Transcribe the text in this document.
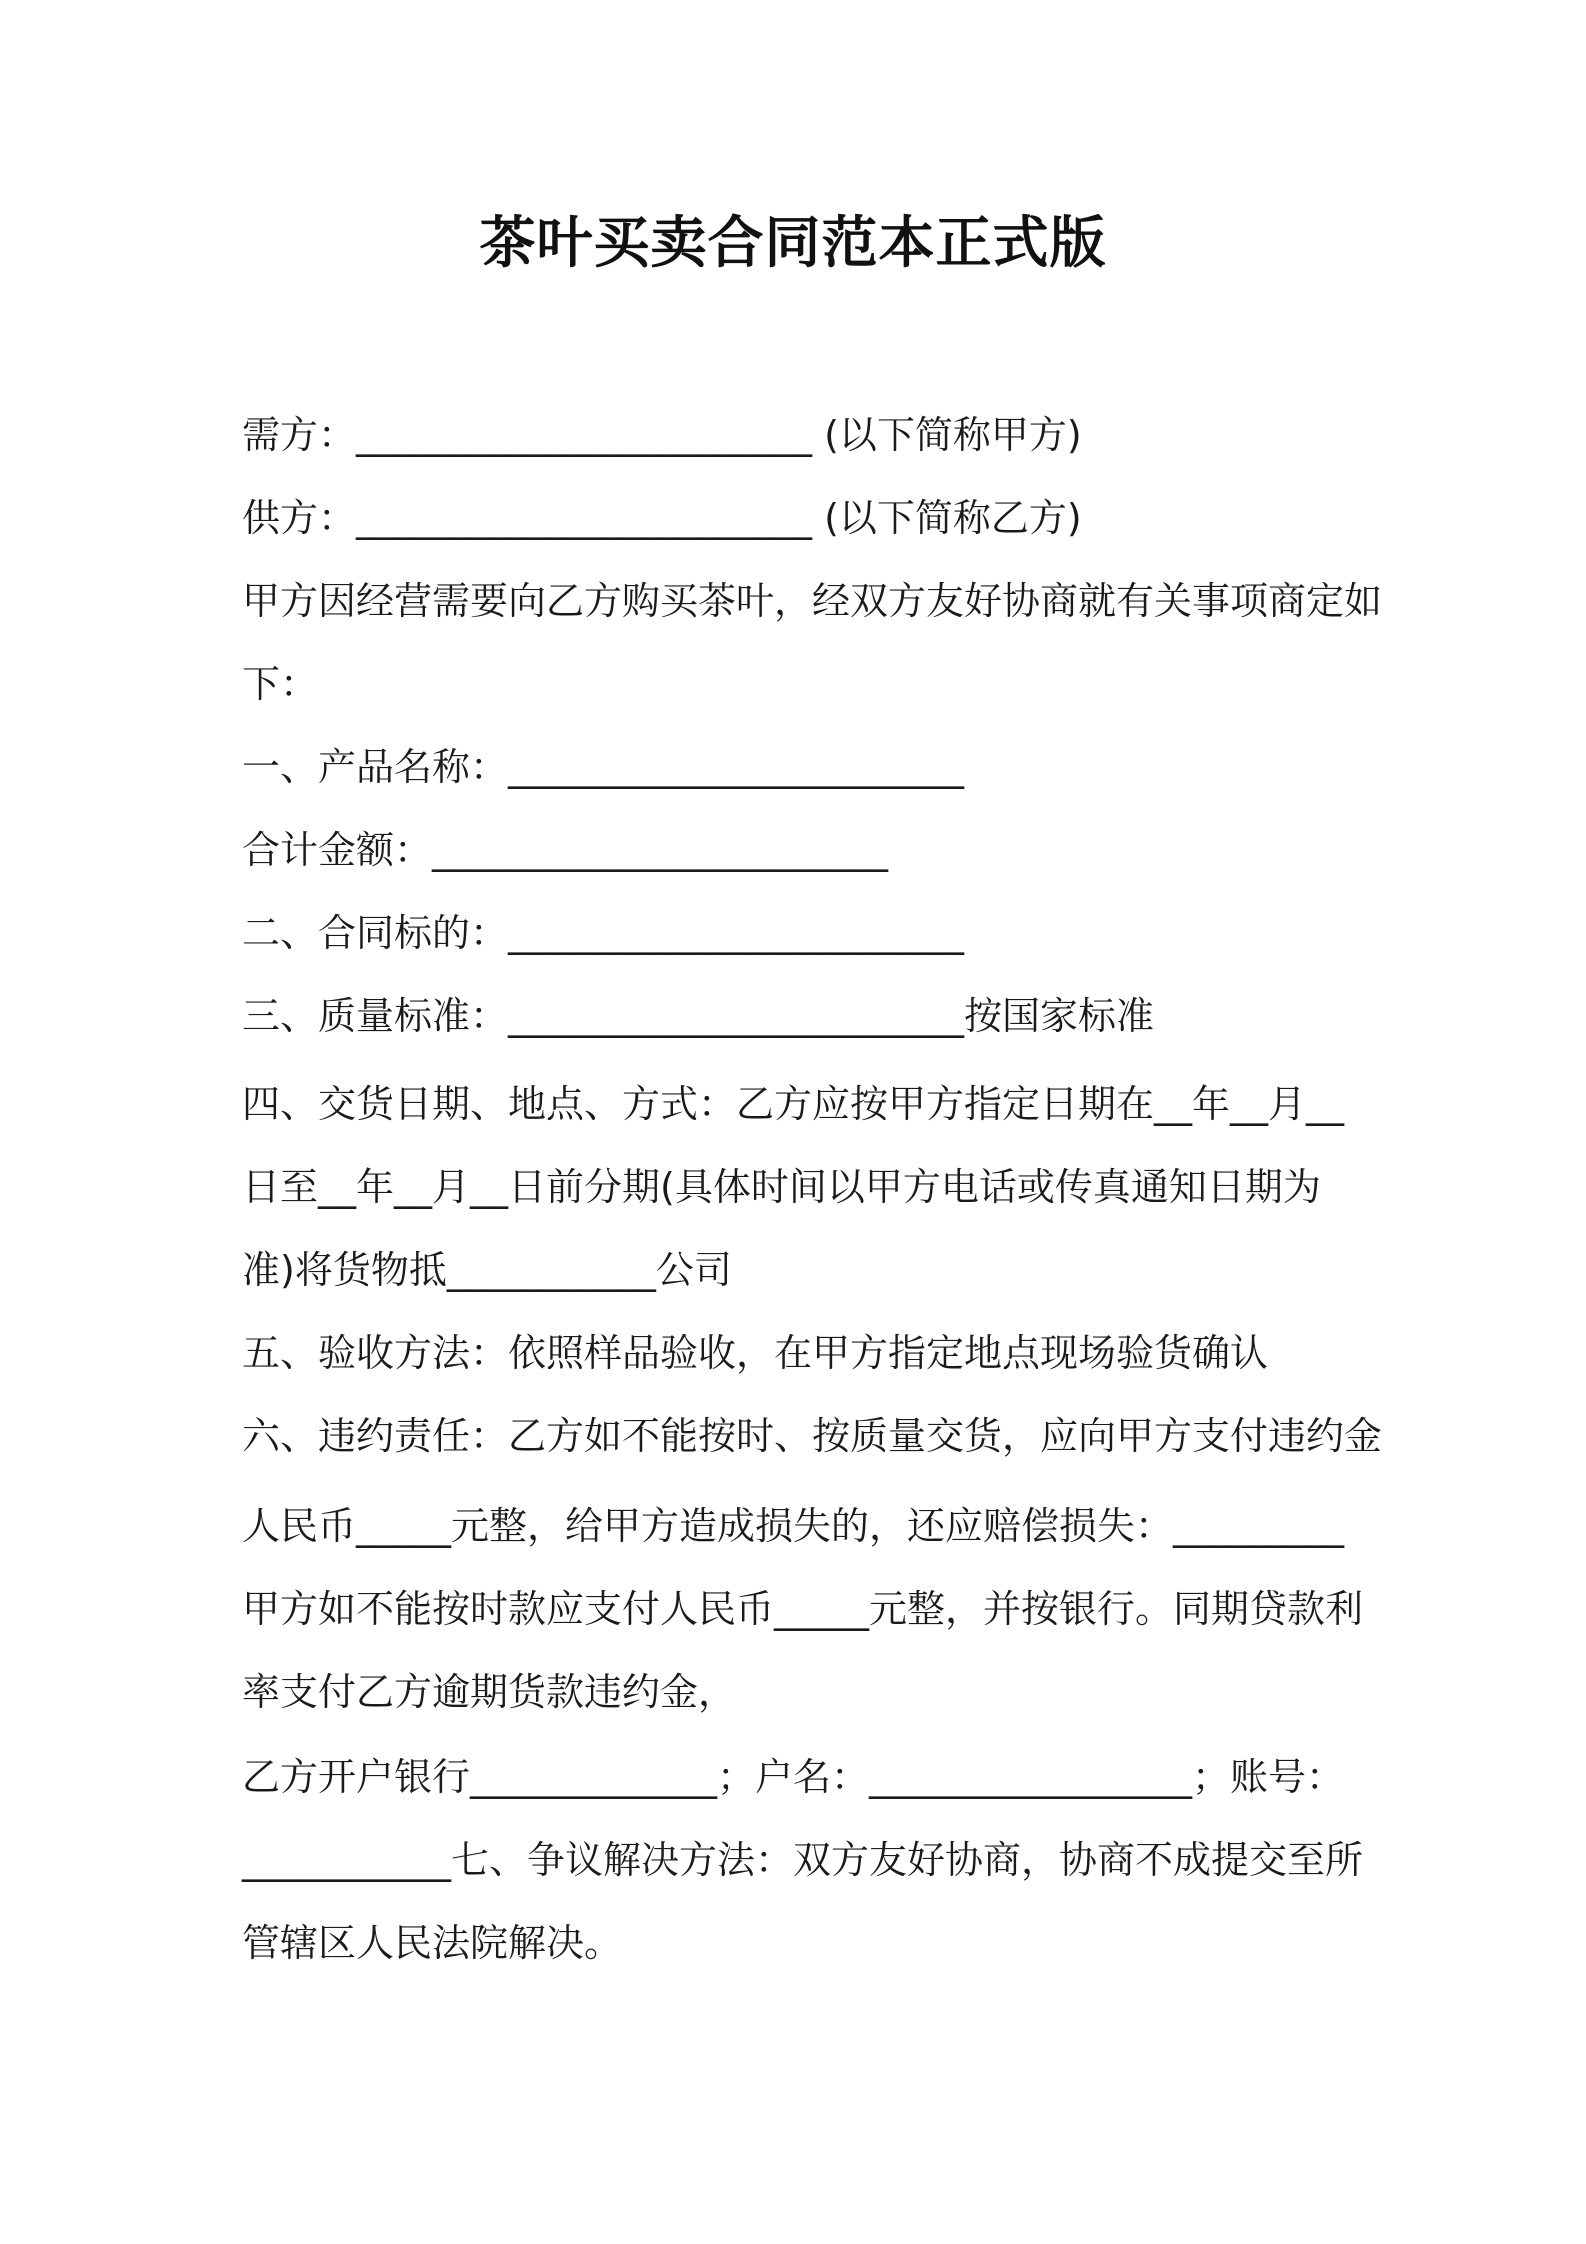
茶叶买卖合同范本正式版
需方：________________________ (以下简称甲方)
供方：________________________ (以下简称乙方)
甲方因经营需要向乙方购买茶叶，经双方友好协商就有关事项商定如
下：
一、产品名称：________________________
合计金额：________________________
二、合同标的：________________________
三、质量标准：________________________按国家标准
四、交货日期、地点、方式：乙方应按甲方指定日期在__年__月__
日至__年__月__日前分期(具体时间以甲方电话或传真通知日期为
准)将货物抵___________公司
五、验收方法：依照样品验收，在甲方指定地点现场验货确认
六、违约责任：乙方如不能按时、按质量交货，应向甲方支付违约金
人民币_____元整，给甲方造成损失的，还应赔偿损失：_________
甲方如不能按时款应支付人民币_____元整，并按银行。同期贷款利
率支付乙方逾期货款违约金，
乙方开户银行_____________；户名：_________________；账号：
___________七、争议解决方法：双方友好协商，协商不成提交至所
管辖区人民法院解决。
